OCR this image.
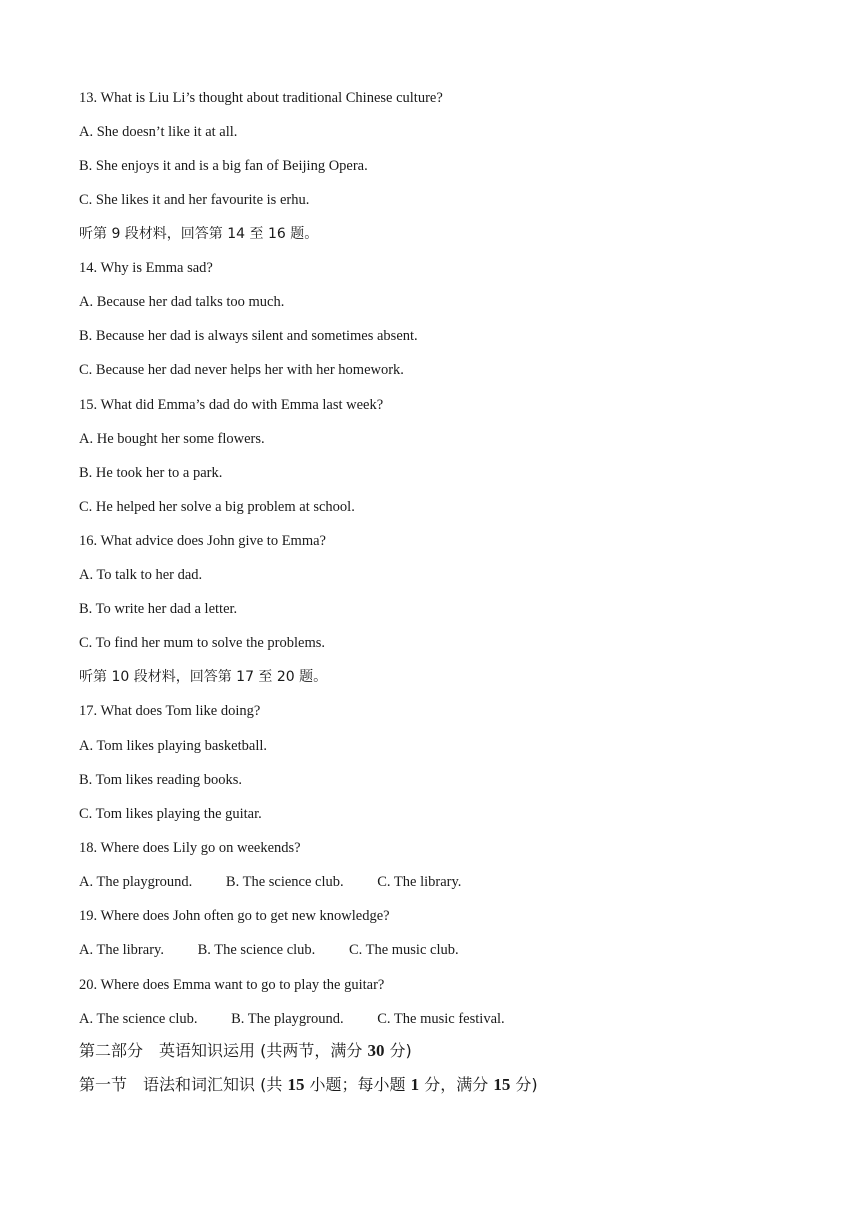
13. What is Liu Li’s thought about traditional Chinese culture?
A. She doesn’t like it at all.
B. She enjoys it and is a big fan of Beijing Opera.
C. She likes it and her favourite is erhu.
听第 9 段材料，回答第 14 至 16 题。
14. Why is Emma sad?
A. Because her dad talks too much.
B. Because her dad is always silent and sometimes absent.
C. Because her dad never helps her with her homework.
15. What did Emma’s dad do with Emma last week?
A. He bought her some flowers.
B. He took her to a park.
C. He helped her solve a big problem at school.
16. What advice does John give to Emma?
A. To talk to her dad.
B. To write her dad a letter.
C. To find her mum to solve the problems.
听第 10 段材料，回答第 17 至 20 题。
17. What does Tom like doing?
A. Tom likes playing basketball.
B. Tom likes reading books.
C. Tom likes playing the guitar.
18. Where does Lily go on weekends?
A. The playground. B. The science club. C. The library.
19. Where does John often go to get new knowledge?
A. The library. B. The science club. C. The music club.
20. Where does Emma want to go to play the guitar?
A. The science club. B. The playground. C. The music festival.
第二部分　英语知识运用 (共两节，满分 30 分)
第一节　语法和词汇知识 (共 15 小题；每小题 1 分，满分 15 分)
